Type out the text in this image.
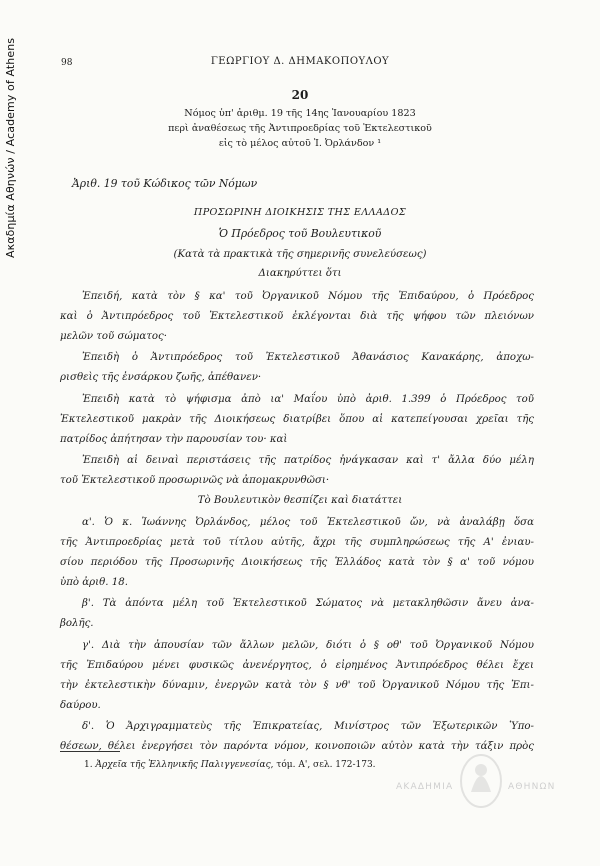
Ακαδημία Αθηνών / Academy of Athens	98	ΓΕΩΡΓΙΟΥ Δ. ΔΗΜΑΚΟΠΟΥΛΟΥ
20
Νόμος ὑπ' ἀριθμ. 19 τῆς 14ης Ἰανουαρίου 1823
περὶ ἀναθέσεως τῆς Ἀντιπροεδρίας τοῦ Ἐκτελεστικοῦ
εἰς τὸ μέλος αὐτοῦ Ἰ. Ὀρλάνδον ¹
Ἀριθ. 19 τοῦ Κώδικος τῶν Νόμων
ΠΡΟΣΩΡΙΝΗ ΔΙΟΙΚΗΣΙΣ ΤΗΣ ΕΛΛΑΔΟΣ
Ὁ Πρόεδρος τοῦ Βουλευτικοῦ
(Κατὰ τὰ πρακτικὰ τῆς σημερινῆς συνελεύσεως)
Διακηρύττει ὅτι
Ἐπειδή, κατὰ τὸν § κα' τοῦ Ὀργανικοῦ Νόμου τῆς Ἐπιδαύρου, ὁ Πρόεδρος
καὶ ὁ Ἀντιπρόεδρος τοῦ Ἐκτελεστικοῦ ἐκλέγονται διὰ τῆς ψήφου τῶν πλειόνων
μελῶν τοῦ σώματος·
Ἐπειδὴ ὁ Ἀντιπρόεδρος τοῦ Ἐκτελεστικοῦ Ἀθανάσιος Κανακάρης, ἀποχω-
ρισθεὶς τῆς ἐνσάρκου ζωῆς, ἀπέθανεν·
Ἐπειδὴ κατὰ τὸ ψήφισμα ἀπὸ ια' Μαΐου ὑπὸ ἀριθ. 1.399 ὁ Πρόεδρος τοῦ
Ἐκτελεστικοῦ μακρὰν τῆς Διοικήσεως διατρίβει ὅπου αἱ κατεπείγουσαι χρεῖαι τῆς
πατρίδος ἀπήτησαν τὴν παρουσίαν του· καὶ
Ἐπειδὴ αἱ δειναὶ περιστάσεις τῆς πατρίδος ἠνάγκασαν καὶ τ' ἄλλα δύο μέλη
τοῦ Ἐκτελεστικοῦ προσωρινῶς νὰ ἀπομακρυνθῶσι·
Τὸ Βουλευτικὸν θεσπίζει καὶ διατάττει
α'. Ὁ κ. Ἰωάννης Ὀρλάνδος, μέλος τοῦ Ἐκτελεστικοῦ ὤν, νὰ ἀναλάβῃ ὅσα
τῆς Ἀντιπροεδρίας μετὰ τοῦ τίτλου αὐτῆς, ἄχρι τῆς συμπληρώσεως τῆς Α' ἐνιαυ-
σίου περιόδου τῆς Προσωρινῆς Διοικήσεως τῆς Ἑλλάδος κατὰ τὸν § α' τοῦ νόμου
ὑπὸ ἀριθ. 18.
β'. Τὰ ἀπόντα μέλη τοῦ Ἐκτελεστικοῦ Σώματος νὰ μετακληθῶσιν ἄνευ ἀνα-
βολῆς.
γ'. Διὰ τὴν ἀπουσίαν τῶν ἄλλων μελῶν, διότι ὁ § οθ' τοῦ Ὀργανικοῦ Νόμου
τῆς Ἐπιδαύρου μένει φυσικῶς ἀνενέργητος, ὁ εἰρημένος Ἀντιπρόεδρος θέλει ἔχει
τὴν ἐκτελεστικὴν δύναμιν, ἐνεργῶν κατὰ τὸν § νθ' τοῦ Ὀργανικοῦ Νόμου τῆς Ἐπι-
δαύρου.
δ'. Ὁ Ἀρχιγραμματεὺς τῆς Ἐπικρατείας, Μινίστρος τῶν Ἐξωτερικῶν Ὑπο-
θέσεων, θέλει ἐνεργήσει τὸν παρόντα νόμον, κοινοποιῶν αὐτὸν κατὰ τὴν τάξιν πρὸς
1. Ἀρχεῖα τῆς Ἑλληνικῆς Παλιγγενεσίας, τόμ. Α', σελ. 172-173.
ΑΚΑΔΗΜΙΑ	ΑΘΗΝΩΝ
